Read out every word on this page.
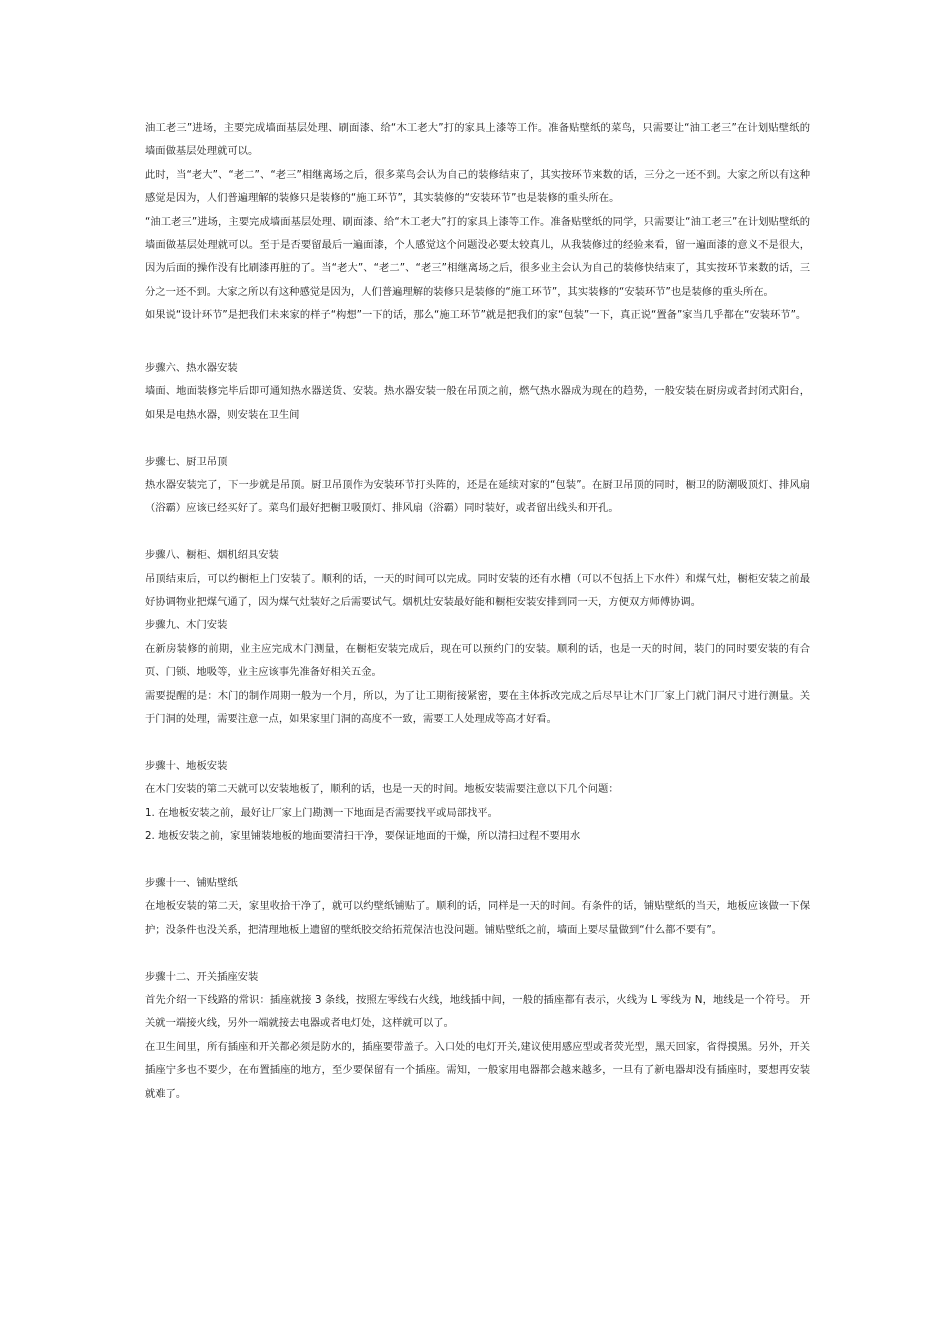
油工老三”进场，主要完成墙面基层处理、刷面漆、给“木工老大”打的家具上漆等工作。准备贴壁纸的菜鸟，只需要让“油工老三”在计划贴壁纸的墙面做基层处理就可以。

此时，当“老大”、“老二”、“老三”相继离场之后，很多菜鸟会认为自己的装修结束了，其实按环节来数的话，三分之一还不到。大家之所以有这种感觉是因为，人们普遍理解的装修只是装修的“施工环节”，其实装修的“安装环节”也是装修的重头所在。

“油工老三”进场，主要完成墙面基层处理、刷面漆、给“木工老大”打的家具上漆等工作。准备贴壁纸的同学，只需要让“油工老三”在计划贴壁纸的墙面做基层处理就可以。至于是否要留最后一遍面漆，个人感觉这个问题没必要太较真儿，从我装修过的经验来看，留一遍面漆的意义不是很大，因为后面的操作没有比刷漆再脏的了。当“老大”、“老二”、“老三”相继离场之后，很多业主会认为自己的装修快结束了，其实按环节来数的话，三分之一还不到。大家之所以有这种感觉是因为，人们普遍理解的装修只是装修的“施工环节”，其实装修的“安装环节”也是装修的重头所在。

如果说“设计环节”是把我们未来家的样子“构想”一下的话，那么“施工环节”就是把我们的家“包装”一下，真正说“置备”家当几乎都在“安装环节”。

步骤六、热水器安装

墙面、地面装修完毕后即可通知热水器送货、安装。热水器安装一般在吊顶之前，燃气热水器成为现在的趋势，一般安装在厨房或者封闭式阳台，如果是电热水器，则安装在卫生间

步骤七、厨卫吊顶

热水器安装完了，下一步就是吊顶。厨卫吊顶作为安装环节打头阵的，还是在延续对家的“包装”。在厨卫吊顶的同时，橱卫的防潮吸顶灯、排风扇（浴霸）应该已经买好了。菜鸟们最好把橱卫吸顶灯、排风扇（浴霸）同时装好，或者留出线头和开孔。

步骤八、橱柜、烟机绍具安装

吊顶结束后，可以约橱柜上门安装了。顺利的话，一天的时间可以完成。同时安装的还有水槽（可以不包括上下水件）和煤气灶，橱柜安装之前最好协调物业把煤气通了，因为煤气灶装好之后需要试气。烟机灶安装最好能和橱柜安装安排到同一天，方便双方师傅协调。

步骤九、木门安装

在新房装修的前期，业主应完成木门测量，在橱柜安装完成后，现在可以预约门的安装。顺利的话，也是一天的时间，装门的同时要安装的有合页、门锁、地吸等，业主应该事先准备好相关五金。

需要提醒的是：木门的制作周期一般为一个月，所以，为了让工期衔接紧密，要在主体拆改完成之后尽早让木门厂家上门就门洞尺寸进行测量。关于门洞的处理，需要注意一点，如果家里门洞的高度不一致，需要工人处理成等高才好看。

步骤十、地板安装

在木门安装的第二天就可以安装地板了，顺利的话，也是一天的时间。地板安装需要注意以下几个问题：

1. 在地板安装之前，最好让厂家上门勘测一下地面是否需要找平或局部找平。

2. 地板安装之前，家里铺装地板的地面要清扫干净，要保证地面的干燥，所以清扫过程不要用水

步骤十一、铺贴壁纸

在地板安装的第二天，家里收拾干净了，就可以约壁纸铺贴了。顺利的话，同样是一天的时间。有条件的话，铺贴壁纸的当天，地板应该做一下保护；没条件也没关系，把清理地板上遗留的壁纸胶交给拓荒保洁也没问题。铺贴壁纸之前，墙面上要尽量做到“什么都不要有”。

步骤十二、开关插座安装

首先介绍一下线路的常识：插座就接 3 条线，按照左零线右火线，地线插中间，一般的插座都有表示，火线为 L 零线为 N，地线是一个符号。 开关就一端接火线，另外一端就接去电器或者电灯处，这样就可以了。

在卫生间里，所有插座和开关都必须是防水的，插座要带盖子。入口处的电灯开关,建议使用感应型或者荧光型，黑天回家，省得摸黑。另外，开关插座宁多也不要少，在布置插座的地方，至少要保留有一个插座。需知，一般家用电器都会越来越多，一旦有了新电器却没有插座时，要想再安装就难了。
